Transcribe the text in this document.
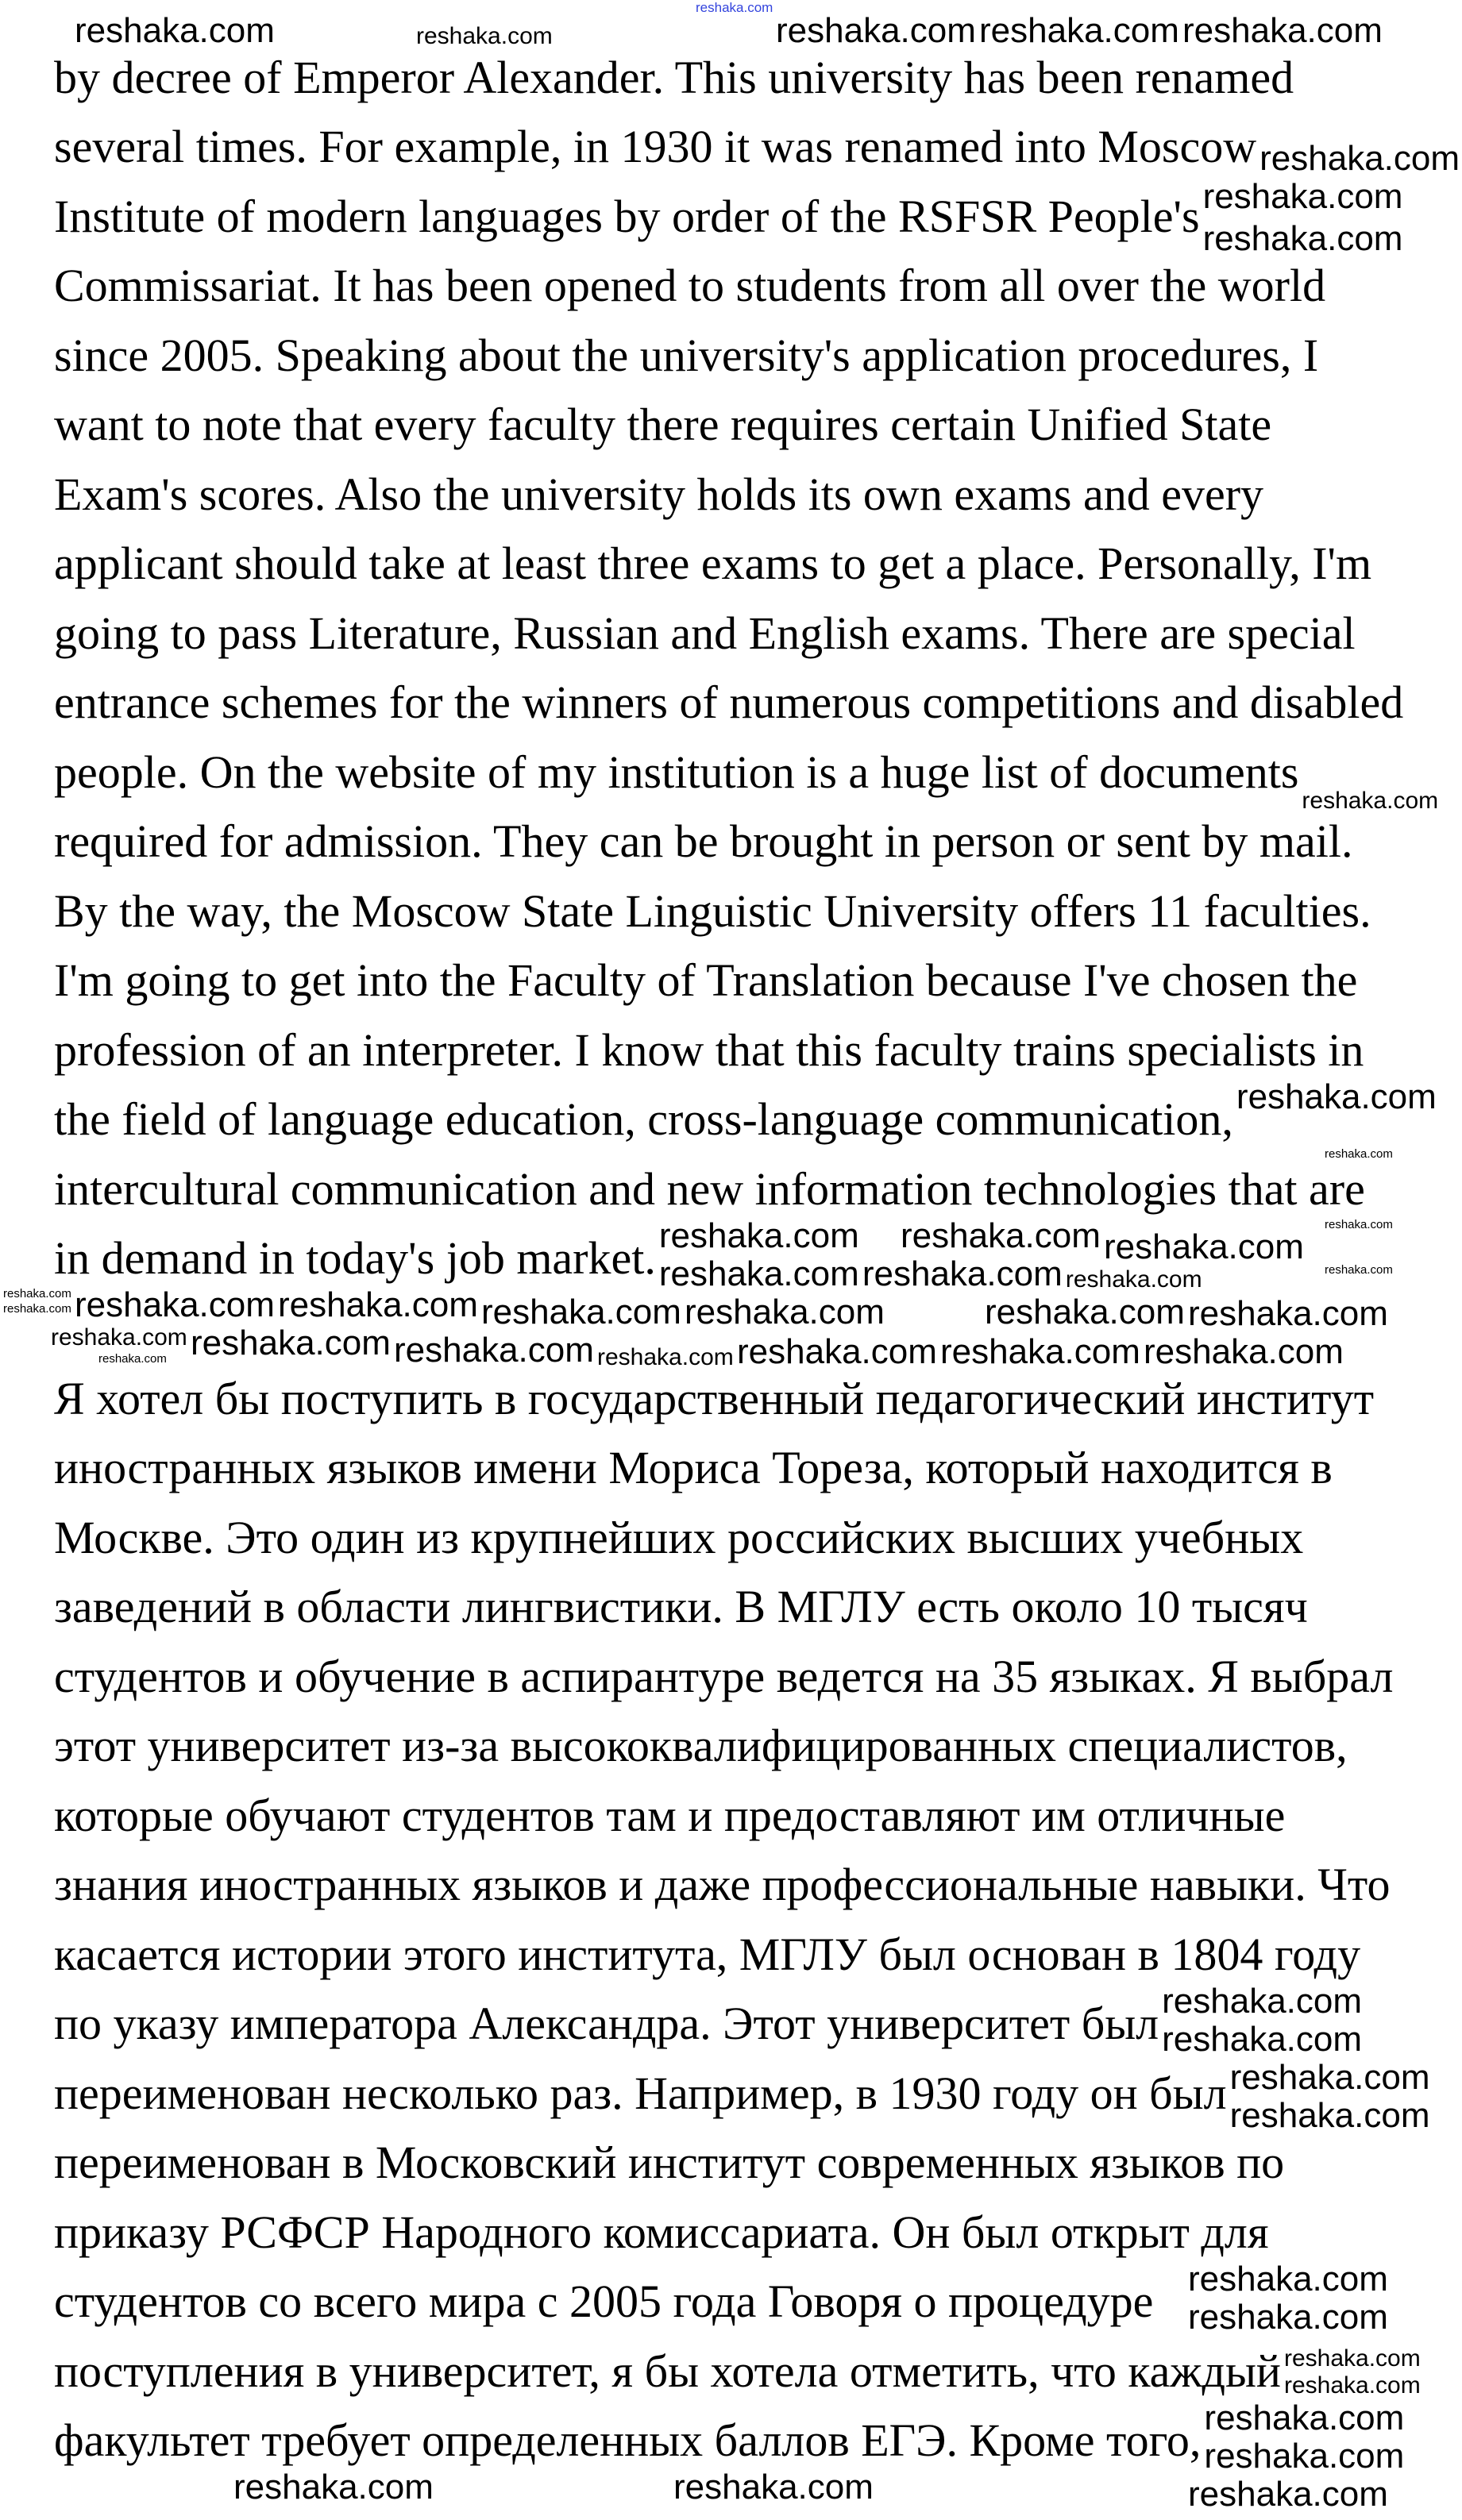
by decree of Emperor Alexander. This university has been renamed
several times. For example, in 1930 it was renamed into Moscow
Institute of modern languages by order of the RSFSR People's
Commissariat. It has been opened to students from all over the world
since 2005. Speaking about the university's application procedures, I
want to note that every faculty there requires certain Unified State
Exam's scores. Also the university holds its own exams and every
applicant should take at least three exams to get a place. Personally, I'm
going to pass Literature, Russian and English exams. There are special
entrance schemes for the winners of numerous competitions and disabled
people. On the website of my institution is a huge list of documents
required for admission. They can be brought in person or sent by mail.
By the way, the Moscow State Linguistic University offers 11 faculties.
I'm going to get into the Faculty of Translation because I've chosen the
profession of an interpreter. I know that this faculty trains specialists in
the field of language education, cross-language communication,
intercultural communication and new information technologies that are
in demand in today's job market.
Я хотел бы поступить в государственный педагогический институт
иностранных языков имени Мориса Тореза, который находится в
Москве. Это один из крупнейших российских высших учебных
заведений в области лингвистики. В МГЛУ есть около 10 тысяч
студентов и обучение в аспирантуре ведется на 35 языках. Я выбрал
этот университет из-за высококвалифицированных специалистов,
которые обучают студентов там и предоставляют им отличные
знания иностранных языков и даже профессиональные навыки. Что
касается истории этого института, МГЛУ был основан в 1804 году
по указу императора Александра. Этот университет был
переименован несколько раз. Например, в 1930 году он был
переименован в Московский институт современных языков по
приказу РСФСР Народного комиссариата. Он был открыт для
студентов со всего мира с 2005 года Говоря о процедуре
поступления в университет, я бы хотела отметить, что каждый
факультет требует определенных баллов ЕГЭ. Кроме того,
reshaka.com
reshaka.com	reshaka.com
reshaka.com
reshaka.com
reshaka.com
reshaka.com
reshaka.com
reshaka.com
reshaka.com
reshaka.com
reshaka.com
reshaka.com
reshaka.com
reshaka.com
reshaka.com
reshaka.com
reshaka.com
reshaka.com
reshaka.com
reshaka.com
reshaka.com
reshaka.com	reshaka.com
reshaka.com
reshaka.com
reshaka.com
reshaka.com	reshaka.com reshaka.com reshaka.com reshaka.com
reshaka.com
reshaka.com
reshaka.com
reshaka.com
reshaka.com
reshaka.com
reshaka.com
reshaka.com
reshaka.com
reshaka.com
reshaka.com
reshaka.com
reshaka.com
reshaka.com	reshaka.com
reshaka.com
reshaka.com
